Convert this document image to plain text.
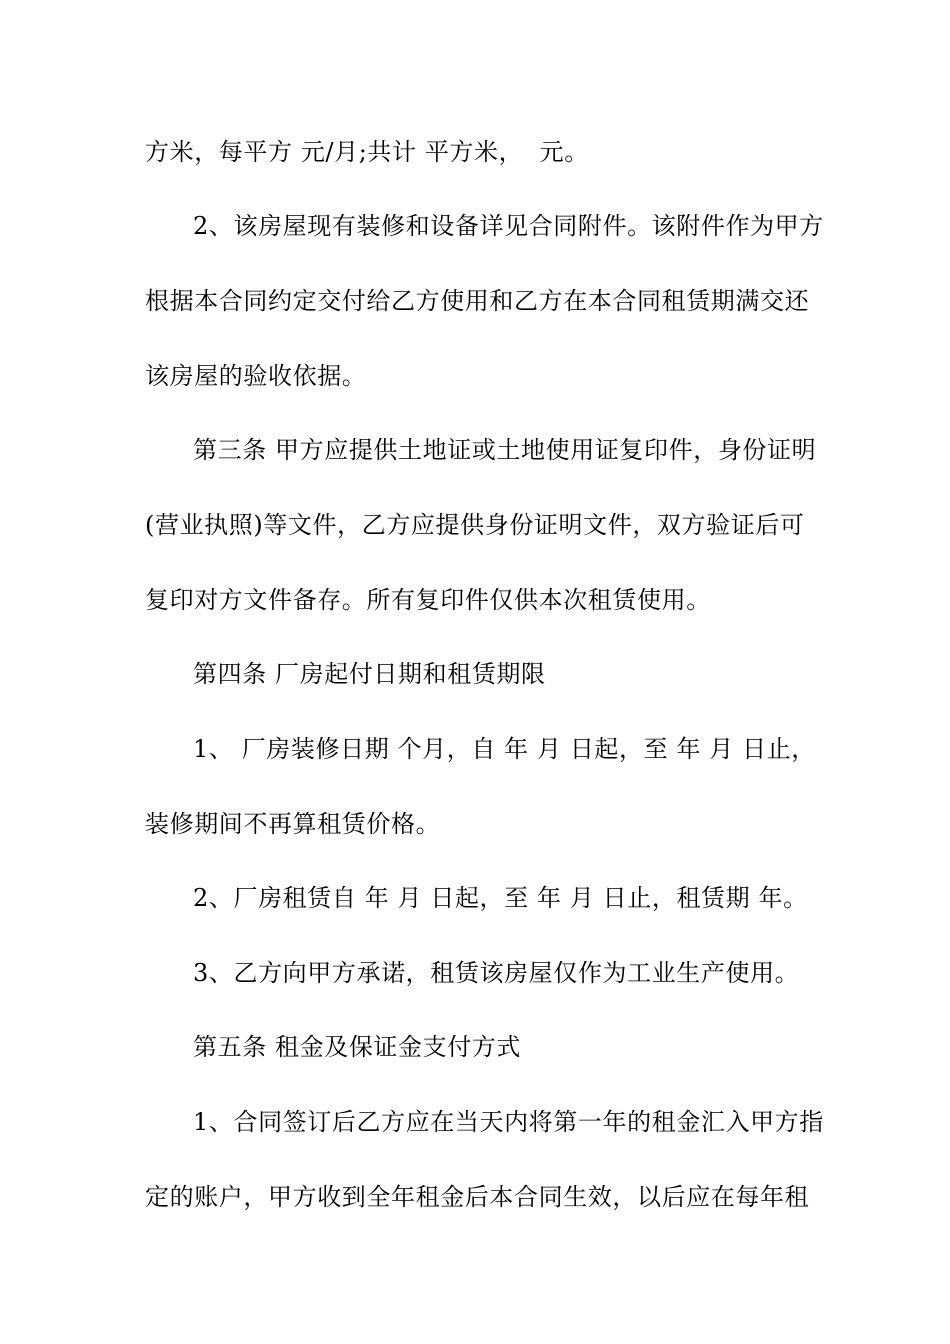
方米，每平方 元/月;共计 平方米，  元。
2、该房屋现有装修和设备详见合同附件。该附件作为甲方
根据本合同约定交付给乙方使用和乙方在本合同租赁期满交还
该房屋的验收依据。
第三条 甲方应提供土地证或土地使用证复印件，身份证明
(营业执照)等文件，乙方应提供身份证明文件，双方验证后可
复印对方文件备存。所有复印件仅供本次租赁使用。
第四条 厂房起付日期和租赁期限
1、 厂房装修日期 个月，自 年 月 日起，至 年 月 日止，
装修期间不再算租赁价格。
2、厂房租赁自 年 月 日起，至 年 月 日止，租赁期 年。
3、乙方向甲方承诺，租赁该房屋仅作为工业生产使用。
第五条 租金及保证金支付方式
1、合同签订后乙方应在当天内将第一年的租金汇入甲方指
定的账户，甲方收到全年租金后本合同生效，以后应在每年租
